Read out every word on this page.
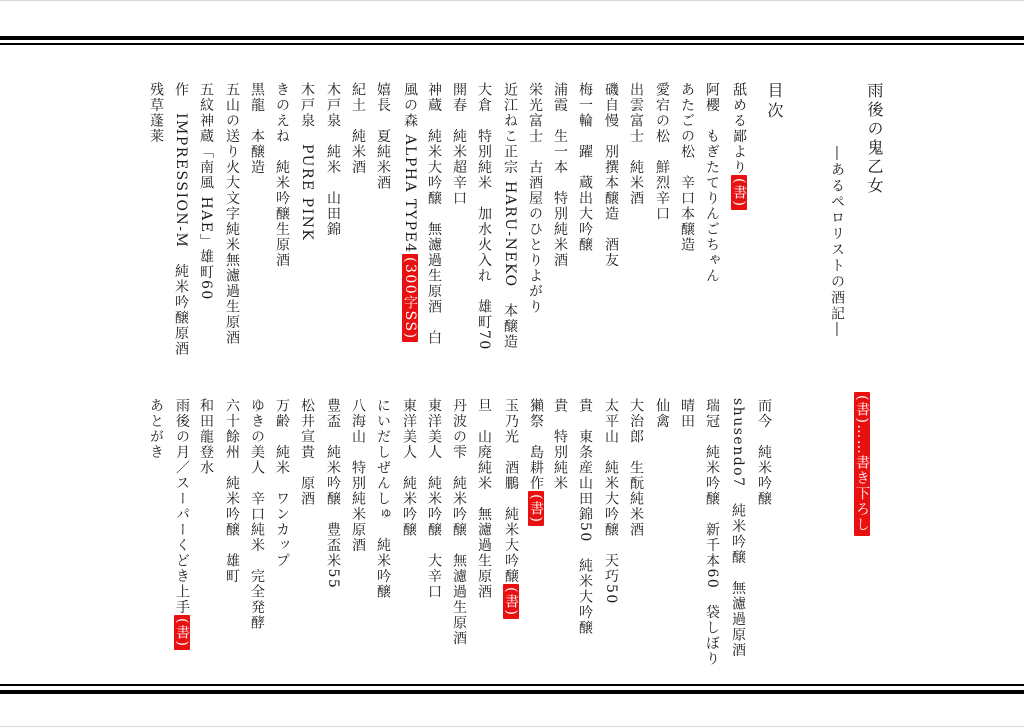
雨後の鬼乙女
―あるペロリストの酒記―
(書)……書き下ろし
目次
舐める鄙より(書)
阿櫻　もぎたてりんごちゃん
あたごの松　辛口本醸造
愛宕の松　鮮烈辛口
出雲富士　純米酒
磯自慢　別撰本醸造　酒友
梅一輪　躍　蔵出大吟醸
浦霞　生一本　特別純米酒
栄光富士　古酒屋のひとりよがり
近江ねこ正宗 HARU-NEKO　本醸造
大倉　特別純米　加水火入れ　雄町70
開春　純米超辛口
神蔵　純米大吟醸　無濾過生原酒　白
風の森 ALPHA TYPE4(300字SS)
嬉長　夏純米酒
紀土　純米酒
木戸泉　純米　山田錦
木戸泉　PURE PINK
きのえね　純米吟醸生原酒
黒龍　本醸造
五山の送り火大文字純米無濾過生原酒
五紋神蔵「南風 HAE」雄町60
作　IMPRESSION-M　純米吟醸原酒
残草蓬莱
而今　純米吟醸
shusendo7　純米吟醸　無濾過原酒
瑞冠　純米吟醸　新千本60　袋しぼり
晴田
仙禽
大治郎　生酛純米酒
太平山　純米大吟醸　天巧50
貴　東条産山田錦50　純米大吟醸
貴　特別純米
獺祭　島耕作(書)
玉乃光　酒鵬　純米大吟醸(書)
旦　山廃純米　無濾過生原酒
丹波の雫　純米吟醸　無濾過生原酒
東洋美人　純米吟醸　大辛口
東洋美人　純米吟醸
にいだしぜんしゅ　純米吟醸
八海山　特別純米原酒
豊盃　純米吟醸　豊盃米55
松井宣貴　原酒
万齢　純米　ワンカップ
ゆきの美人　辛口純米　完全発酵
六十餘州　純米吟醸　雄町
和田龍登水
雨後の月／スーパーくどき上手(書)
あとがき
